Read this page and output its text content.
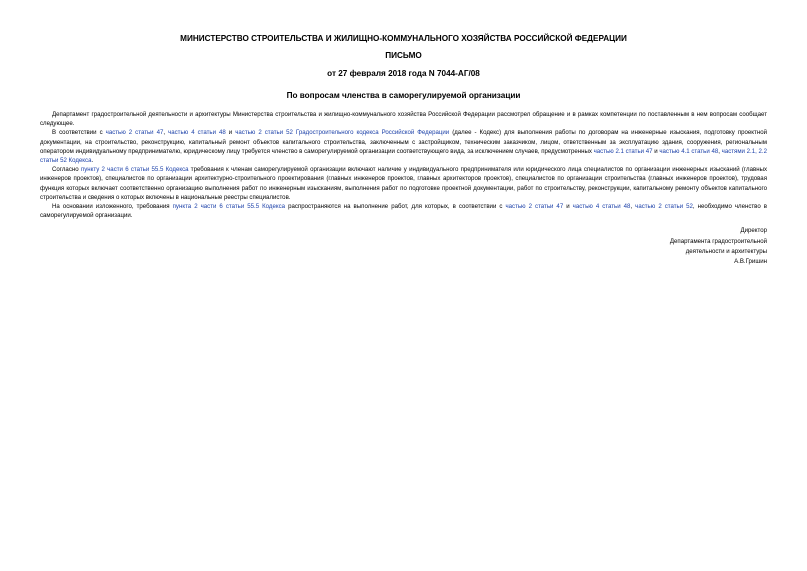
МИНИСТЕРСТВО СТРОИТЕЛЬСТВА И ЖИЛИЩНО-КОММУНАЛЬНОГО ХОЗЯЙСТВА РОССИЙСКОЙ ФЕДЕРАЦИИ
ПИСЬМО
от 27 февраля 2018 года N 7044-АГ/08
По вопросам членства в саморегулируемой организации

Департамент градостроительной деятельности и архитектуры Министерства строительства и жилищно-коммунального хозяйства Российской Федерации рассмотрел обращение и в рамках компетенции по поставленным в нем вопросам сообщает следующее.

В соответствии с частью 2 статьи 47, частью 4 статьи 48 и частью 2 статьи 52 Градостроительного кодекса Российской Федерации (далее - Кодекс) для выполнения работы по договорам на инженерные изыскания, подготовку проектной документации, на строительство, реконструкцию, капитальный ремонт объектов капитального строительства, заключенным с застройщиком, техническим заказчиком, лицом, ответственным за эксплуатацию здания, сооружения, региональным оператором индивидуальному предпринимателю, юридическому лицу требуется членство в саморегулируемой организации соответствующего вида, за исключением случаев, предусмотренных частью 2.1 статьи 47 и частью 4.1 статьи 48, частями 2.1, 2.2 статьи 52 Кодекса.

Согласно пункту 2 части 6 статьи 55.5 Кодекса требования к членам саморегулируемой организации включают наличие у индивидуального предпринимателя или юридического лица специалистов по организации инженерных изысканий (главных инженеров проектов), специалистов по организации архитектурно-строительного проектирования (главных инженеров проектов, главных архитекторов проектов), специалистов по организации строительства (главных инженеров проектов), трудовая функция которых включает соответственно организацию выполнения работ по инженерным изысканиям, выполнения работ по подготовке проектной документации, работ по строительству, реконструкции, капитальному ремонту объектов капитального строительства и сведения о которых включены в национальные реестры специалистов.

На основании изложенного, требования пункта 2 части 6 статьи 55.5 Кодекса распространяются на выполнение работ, для которых, в соответствии с частью 2 статьи 47 и частью 4 статьи 48, частью 2 статьи 52, необходимо членство в саморегулируемой организации.

Директор
Департамента градостроительной
деятельности и архитектуры
А.В.Гришин
